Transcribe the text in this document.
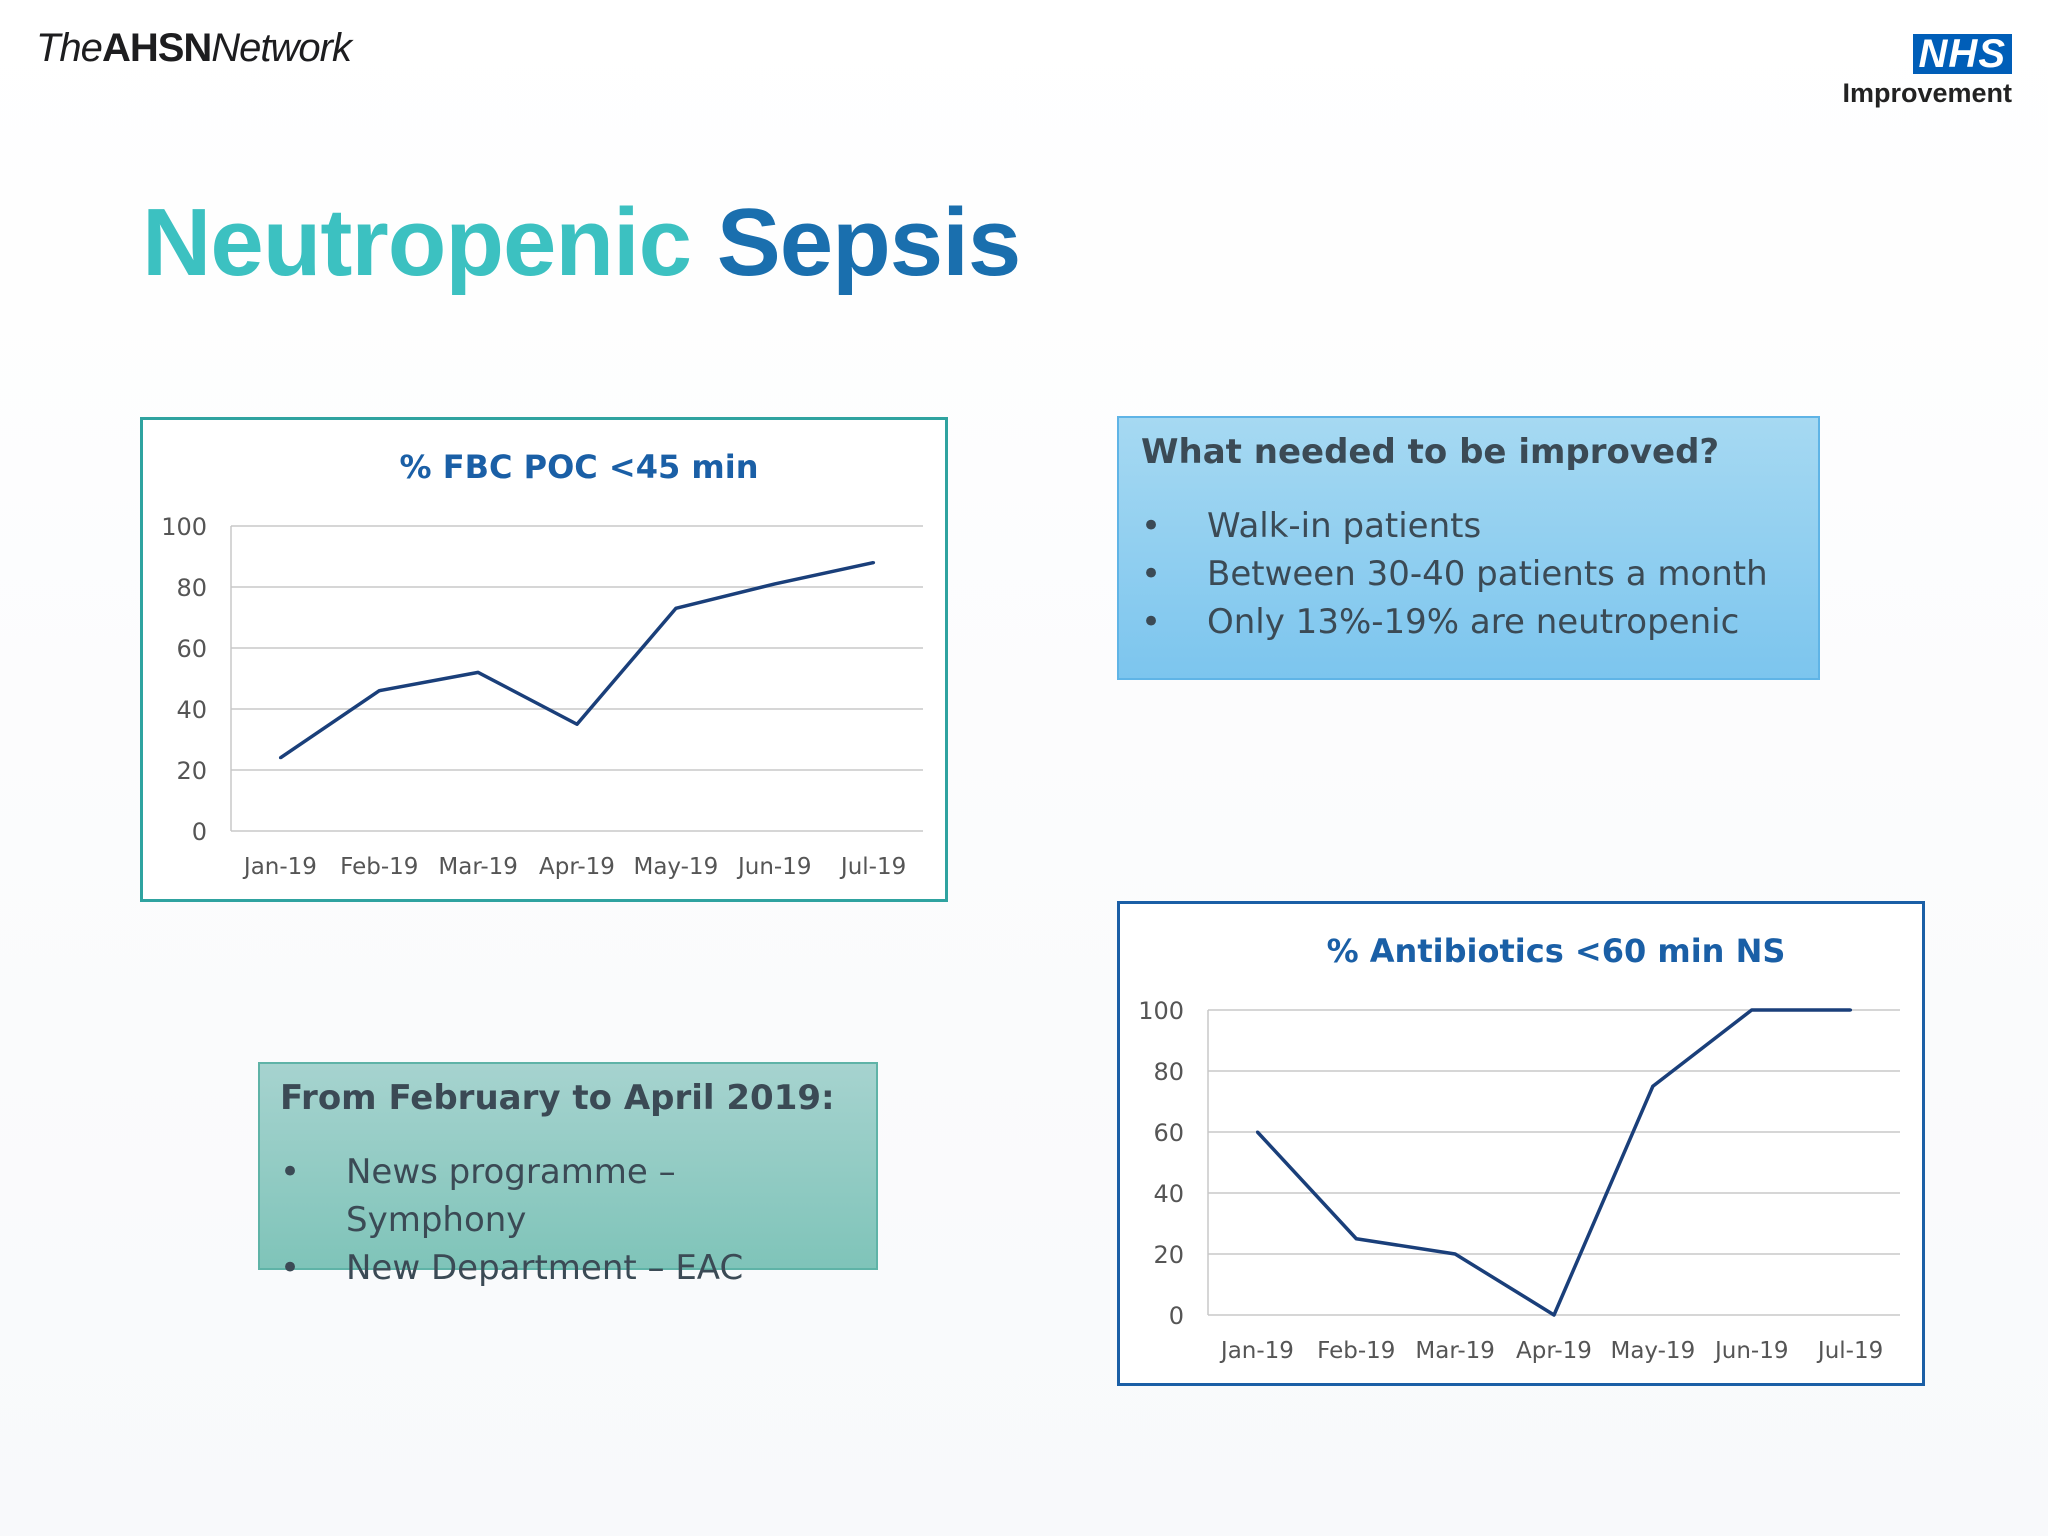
TheAHSNNetwork	NHS
Improvement
Neutropenic Sepsis
% FBC POC <45 min
0
20
40
60
80
100
Jan-19 Feb-19 Mar-19 Apr-19 May-19 Jun-19 Jul-19
What needed to be improved?
•	Walk-in patients
•	Between 30-40 patients a month
•	Only 13%-19% are neutropenic
From February to April 2019:
•	News programme – Symphony
•	New Department – EAC
% Antibiotics <60 min NS
0
20
40
60
80
100
Jan-19 Feb-19 Mar-19 Apr-19 May-19 Jun-19 Jul-19
